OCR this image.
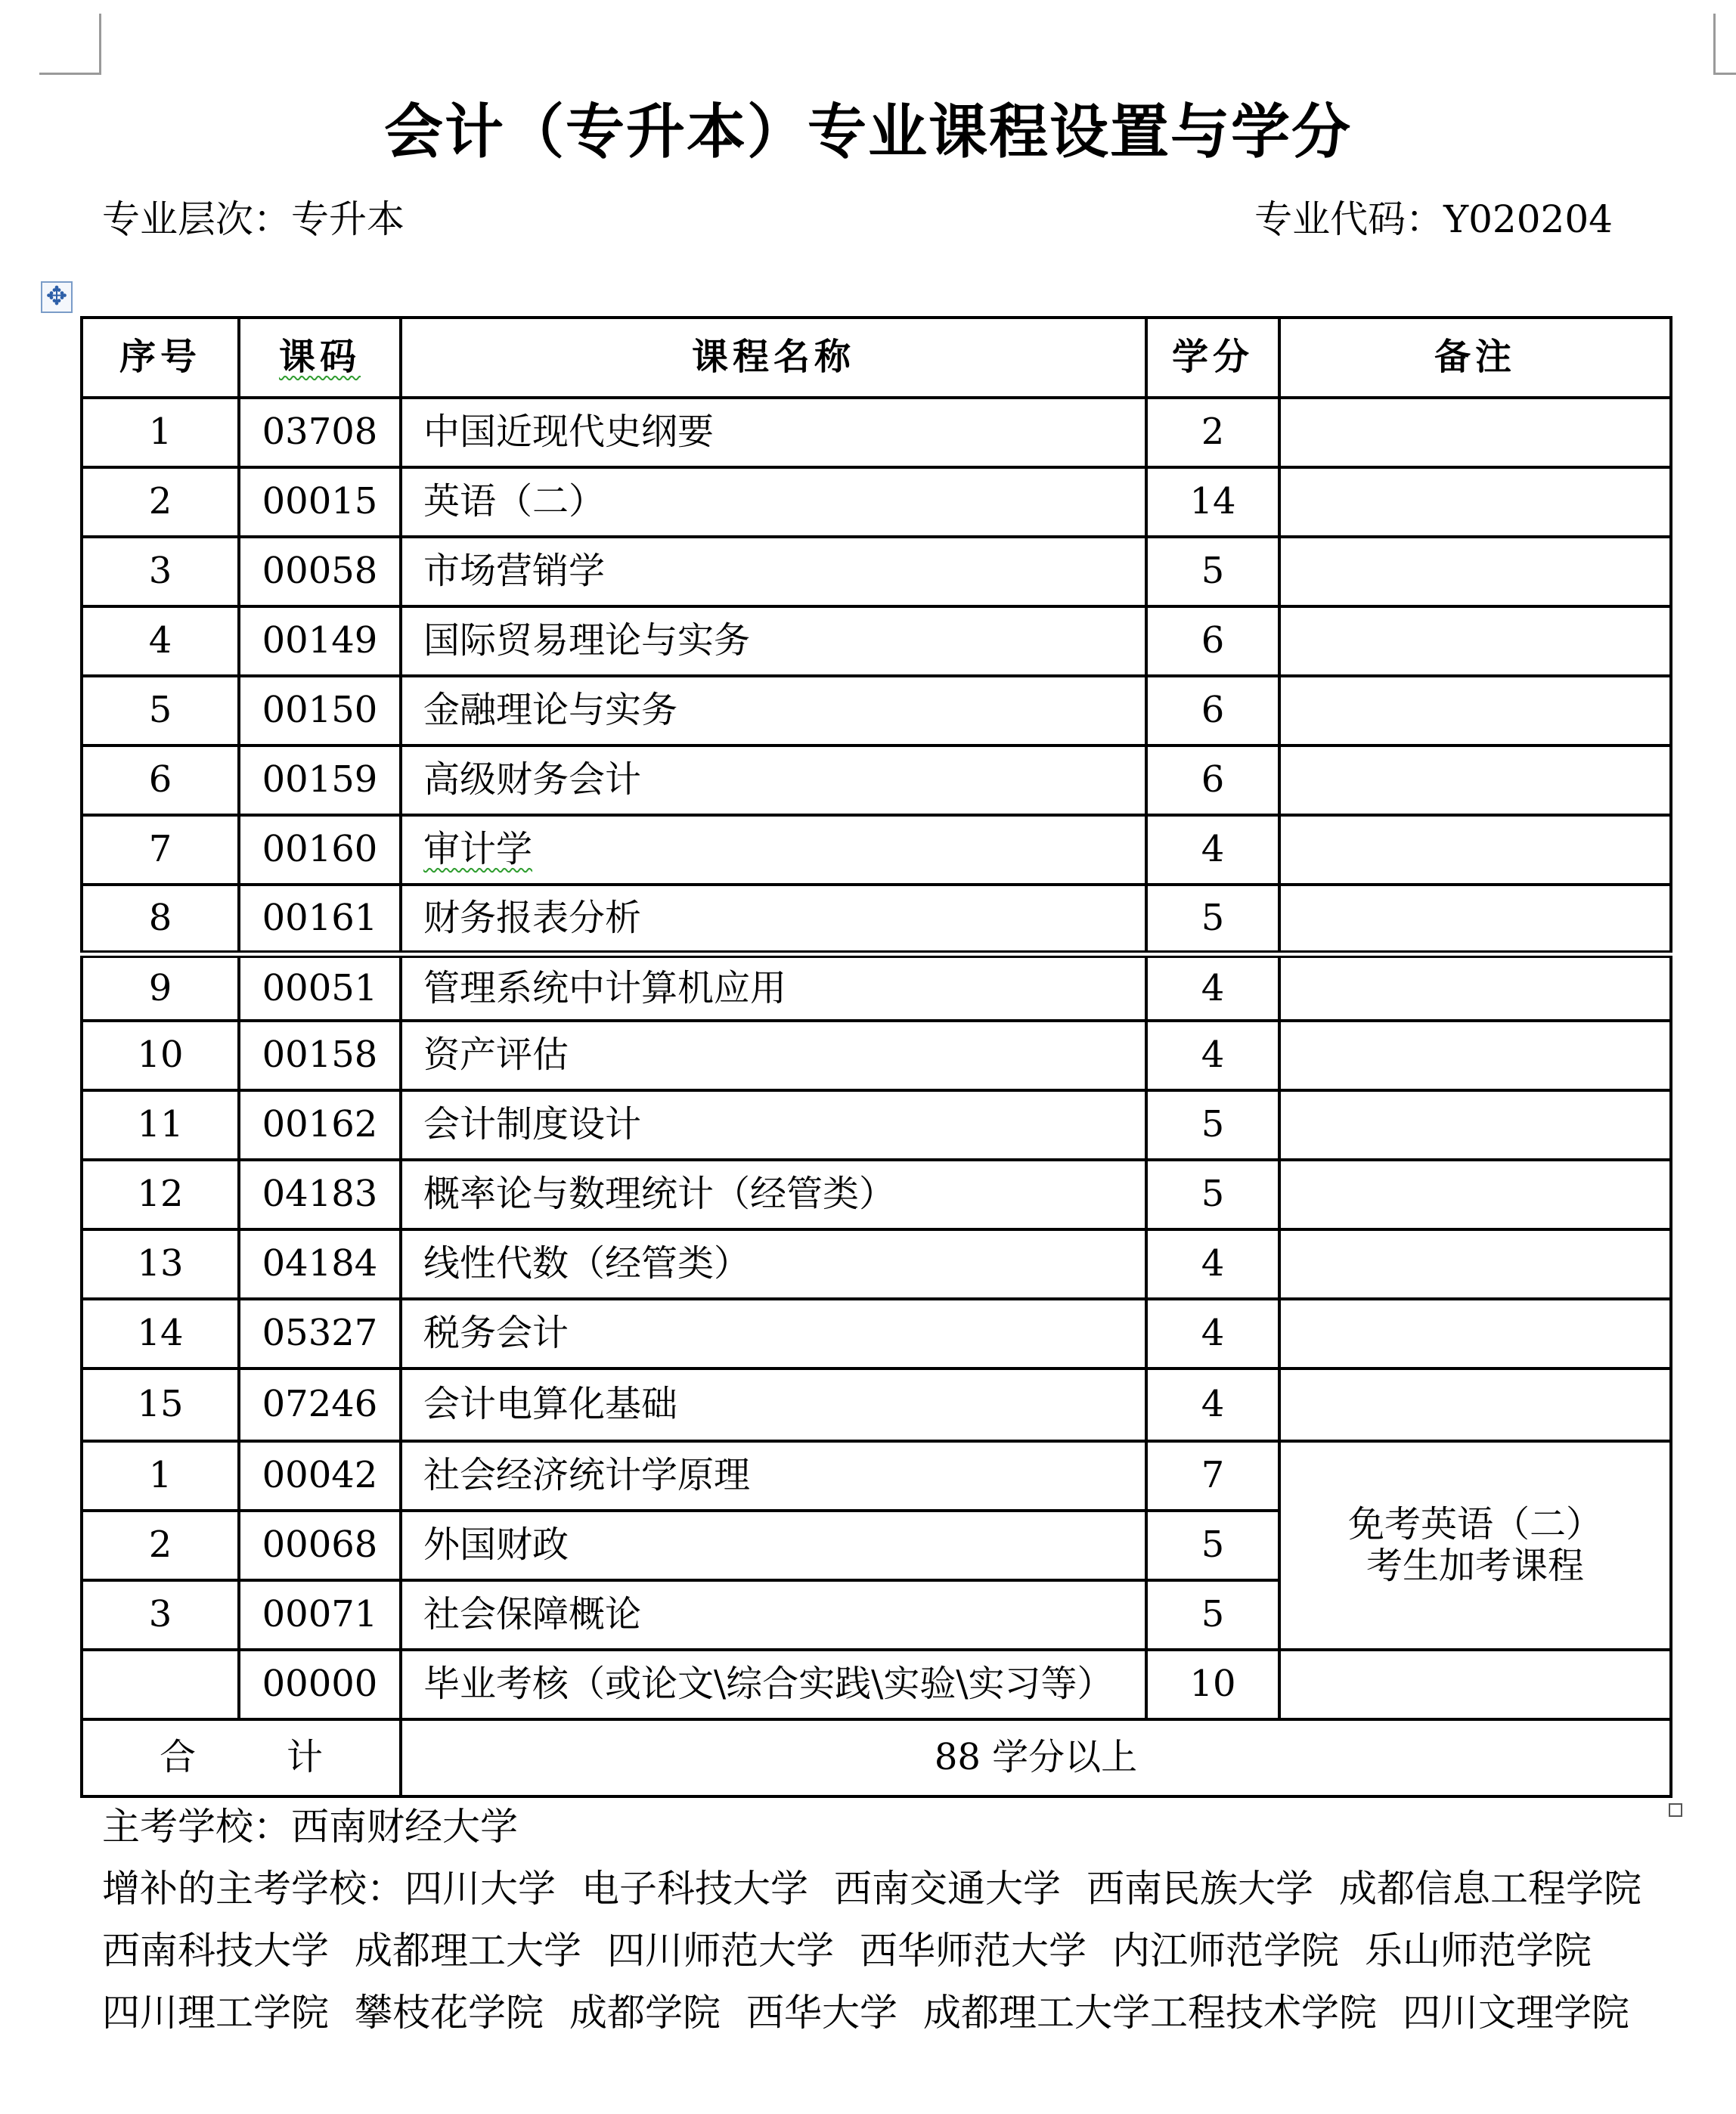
会计（专升本）专业课程设置与学分
专业层次：专升本	专业代码：Y020204
✥
序号	课码	课程名称	学分	备注
1	03708	中国近现代史纲要	2	
2	00015	英语（二）	14	
3	00058	市场营销学	5	
4	00149	国际贸易理论与实务	6	
5	00150	金融理论与实务	6	
6	00159	高级财务会计	6	
7	00160	审计学	4	
8	00161	财务报表分析	5	
9	00051	管理系统中计算机应用	4	
10	00158	资产评估	4	
11	00162	会计制度设计	5	
12	04183	概率论与数理统计（经管类）	5	
13	04184	线性代数（经管类）	4	
14	05327	税务会计	4	
15	07246	会计电算化基础	4	
1	00042	社会经济统计学原理	7	免考英语（二）
考生加考课程

2	00068	外国财政	5	
3	00071	社会保障概论	5	
	00000	毕业考核（或论文\综合实践\实验\实习等）	10	
合 计		88 学分以上		
主考学校：西南财经大学
增补的主考学校：四川大学 电子科技大学 西南交通大学 西南民族大学 成都信息工程学院
西南科技大学 成都理工大学 四川师范大学 西华师范大学 内江师范学院 乐山师范学院
四川理工学院 攀枝花学院 成都学院 西华大学 成都理工大学工程技术学院 四川文理学院
